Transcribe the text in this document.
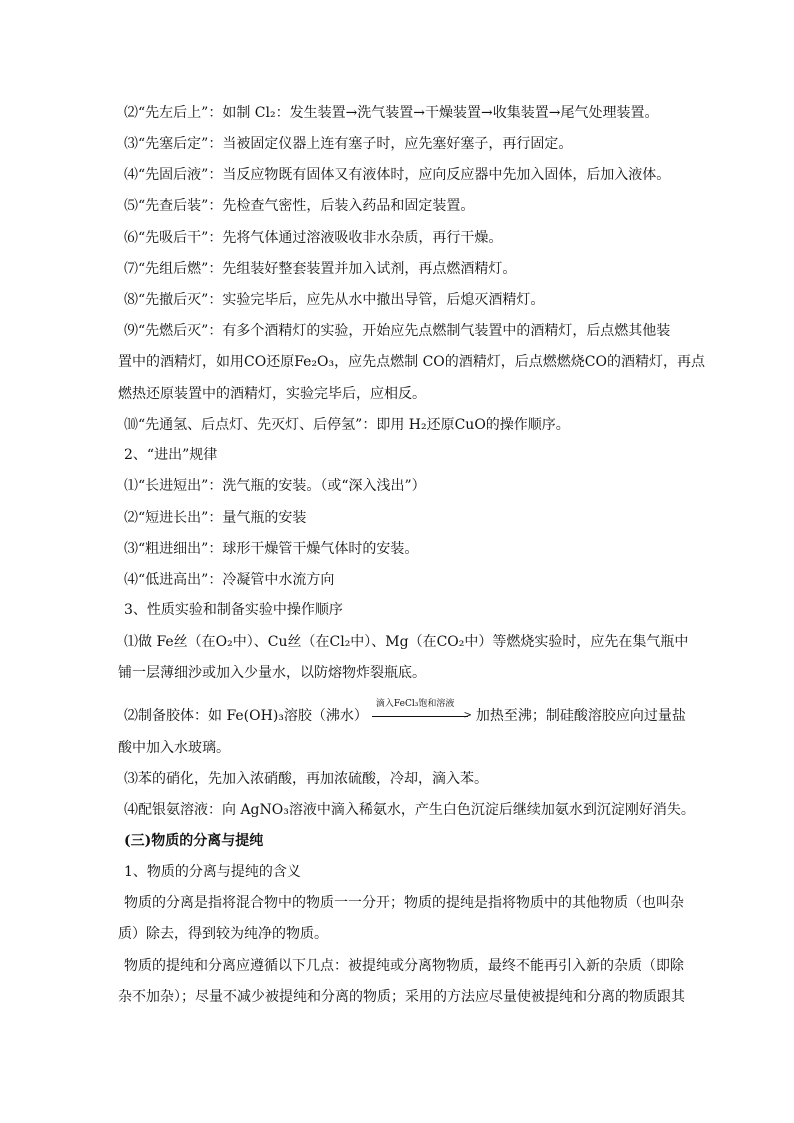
⑵“先左后上”：如制 Cl₂：发生装置→洗气装置→干燥装置→收集装置→尾气处理装置。
⑶“先塞后定”：当被固定仪器上连有塞子时，应先塞好塞子，再行固定。
⑷“先固后液”：当反应物既有固体又有液体时，应向反应器中先加入固体，后加入液体。
⑸“先查后装”：先检查气密性，后装入药品和固定装置。
⑹“先吸后干”：先将气体通过溶液吸收非水杂质，再行干燥。
⑺“先组后燃”：先组装好整套装置并加入试剂，再点燃酒精灯。
⑻“先撤后灭”：实验完毕后，应先从水中撤出导管，后熄灭酒精灯。
⑼“先燃后灭”：有多个酒精灯的实验，开始应先点燃制气装置中的酒精灯，后点燃其他装
置中的酒精灯，如用CO还原Fe₂O₃，应先点燃制 CO的酒精灯，后点燃燃烧CO的酒精灯，再点
燃热还原装置中的酒精灯，实验完毕后，应相反。
⑽“先通氢、后点灯、先灭灯、后停氢”：即用 H₂还原CuO的操作顺序。
2、“进出”规律
⑴“长进短出”：洗气瓶的安装。（或“深入浅出”）
⑵“短进长出”：量气瓶的安装
⑶“粗进细出”：球形干燥管干燥气体时的安装。
⑷“低进高出”：冷凝管中水流方向
3、性质实验和制备实验中操作顺序
⑴做 Fe丝（在O₂中）、Cu丝（在Cl₂中）、Mg（在CO₂中）等燃烧实验时，应先在集气瓶中
铺一层薄细沙或加入少量水，以防熔物炸裂瓶底。
⑵制备胶体：如 Fe(OH)₃溶胶（沸水）
滴入FeCl₃饱和溶液
> 加热至沸；制硅酸溶胶应向过量盐
酸中加入水玻璃。
⑶苯的硝化，先加入浓硝酸，再加浓硫酸，冷却，滴入苯。
⑷配银氨溶液：向 AgNO₃溶液中滴入稀氨水，产生白色沉淀后继续加氨水到沉淀刚好消失。
(三)物质的分离与提纯
1、物质的分离与提纯的含义
物质的分离是指将混合物中的物质一一分开；物质的提纯是指将物质中的其他物质（也叫杂
质）除去，得到较为纯净的物质。
物质的提纯和分离应遵循以下几点：被提纯或分离物物质，最终不能再引入新的杂质（即除
杂不加杂）；尽量不减少被提纯和分离的物质；采用的方法应尽量使被提纯和分离的物质跟其
